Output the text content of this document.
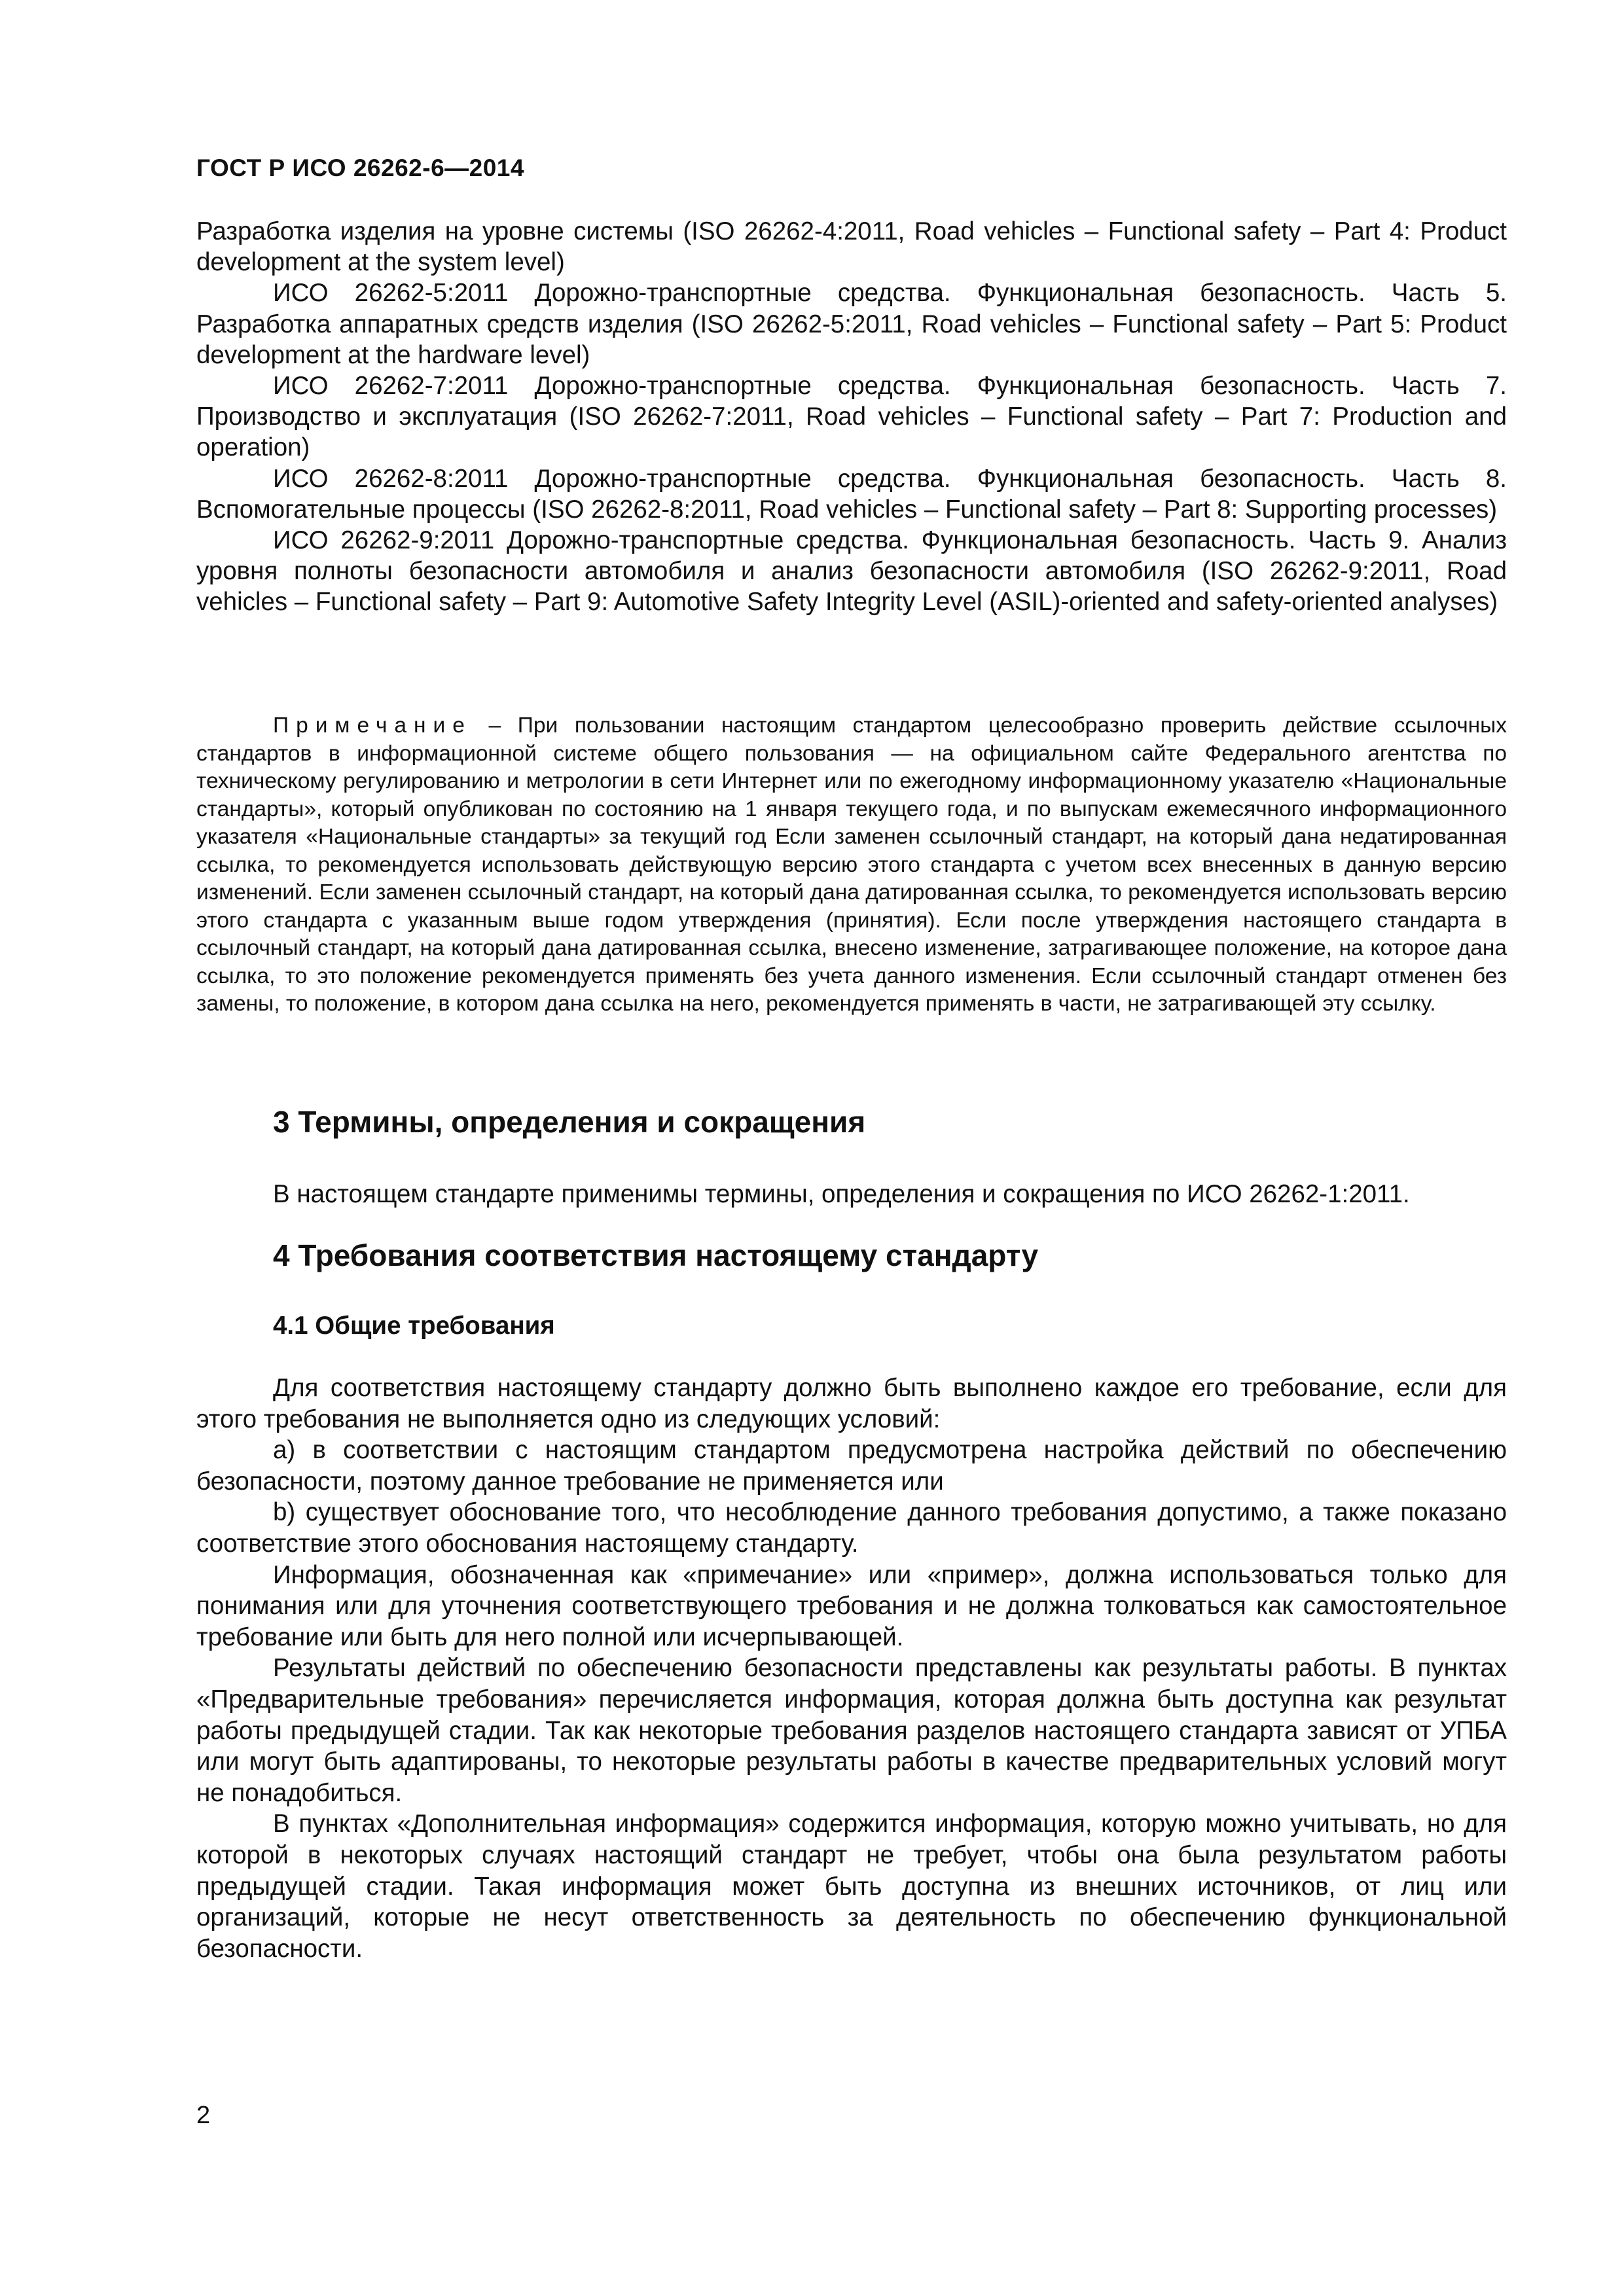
ГОСТ Р ИСО 26262-6—2014

Разработка изделия на уровне системы (ISO 26262-4:2011, Road vehicles – Functional safety – Part 4: Product development at the system level)

ИСО 26262-5:2011 Дорожно-транспортные средства. Функциональная безопасность. Часть 5. Разработка аппаратных средств изделия (ISO 26262-5:2011, Road vehicles – Functional safety – Part 5: Product development at the hardware level)

ИСО 26262-7:2011 Дорожно-транспортные средства. Функциональная безопасность. Часть 7. Производство и эксплуатация (ISO 26262-7:2011, Road vehicles – Functional safety – Part 7: Production and operation)

ИСО 26262-8:2011 Дорожно-транспортные средства. Функциональная безопасность. Часть 8. Вспомогательные процессы (ISO 26262-8:2011, Road vehicles – Functional safety – Part 8: Supporting processes)

ИСО 26262-9:2011 Дорожно-транспортные средства. Функциональная безопасность. Часть 9. Анализ уровня полноты безопасности автомобиля и анализ безопасности автомобиля (ISO 26262-9:2011, Road vehicles – Functional safety – Part 9: Automotive Safety Integrity Level (ASIL)-oriented and safety-oriented analyses)

Примечание – При пользовании настоящим стандартом целесообразно проверить действие ссылочных стандартов в информационной системе общего пользования — на официальном сайте Федерального агентства по техническому регулированию и метрологии в сети Интернет или по ежегодному информационному указателю «Национальные стандарты», который опубликован по состоянию на 1 января текущего года, и по выпускам ежемесячного информационного указателя «Национальные стандарты» за текущий год Если заменен ссылочный стандарт, на который дана недатированная ссылка, то рекомендуется использовать действующую версию этого стандарта с учетом всех внесенных в данную версию изменений. Если заменен ссылочный стандарт, на который дана датированная ссылка, то рекомендуется использовать версию этого стандарта с указанным выше годом утверждения (принятия). Если после утверждения настоящего стандарта в ссылочный стандарт, на который дана датированная ссылка, внесено изменение, затрагивающее положение, на которое дана ссылка, то это положение рекомендуется применять без учета данного изменения. Если ссылочный стандарт отменен без замены, то положение, в котором дана ссылка на него, рекомендуется применять в части, не затрагивающей эту ссылку.
3 Термины, определения и сокращения
В настоящем стандарте применимы термины, определения и сокращения по ИСО 26262-1:2011.
4 Требования соответствия настоящему стандарту
4.1 Общие требования

Для соответствия настоящему стандарту должно быть выполнено каждое его требование, если для этого требования не выполняется одно из следующих условий:

a) в соответствии с настоящим стандартом предусмотрена настройка действий по обеспечению безопасности, поэтому данное требование не применяется или

b) существует обоснование того, что несоблюдение данного требования допустимо, а также показано соответствие этого обоснования настоящему стандарту.

Информация, обозначенная как «примечание» или «пример», должна использоваться только для понимания или для уточнения соответствующего требования и не должна толковаться как самостоятельное требование или быть для него полной или исчерпывающей.

Результаты действий по обеспечению безопасности представлены как результаты работы. В пунктах «Предварительные требования» перечисляется информация, которая должна быть доступна как результат работы предыдущей стадии. Так как некоторые требования разделов настоящего стандарта зависят от УПБА или могут быть адаптированы, то некоторые результаты работы в качестве предварительных условий могут не понадобиться.

В пунктах «Дополнительная информация» содержится информация, которую можно учитывать, но для которой в некоторых случаях настоящий стандарт не требует, чтобы она была результатом работы предыдущей стадии. Такая информация может быть доступна из внешних источников, от лиц или организаций, которые не несут ответственность за деятельность по обеспечению функциональной безопасности.

2
